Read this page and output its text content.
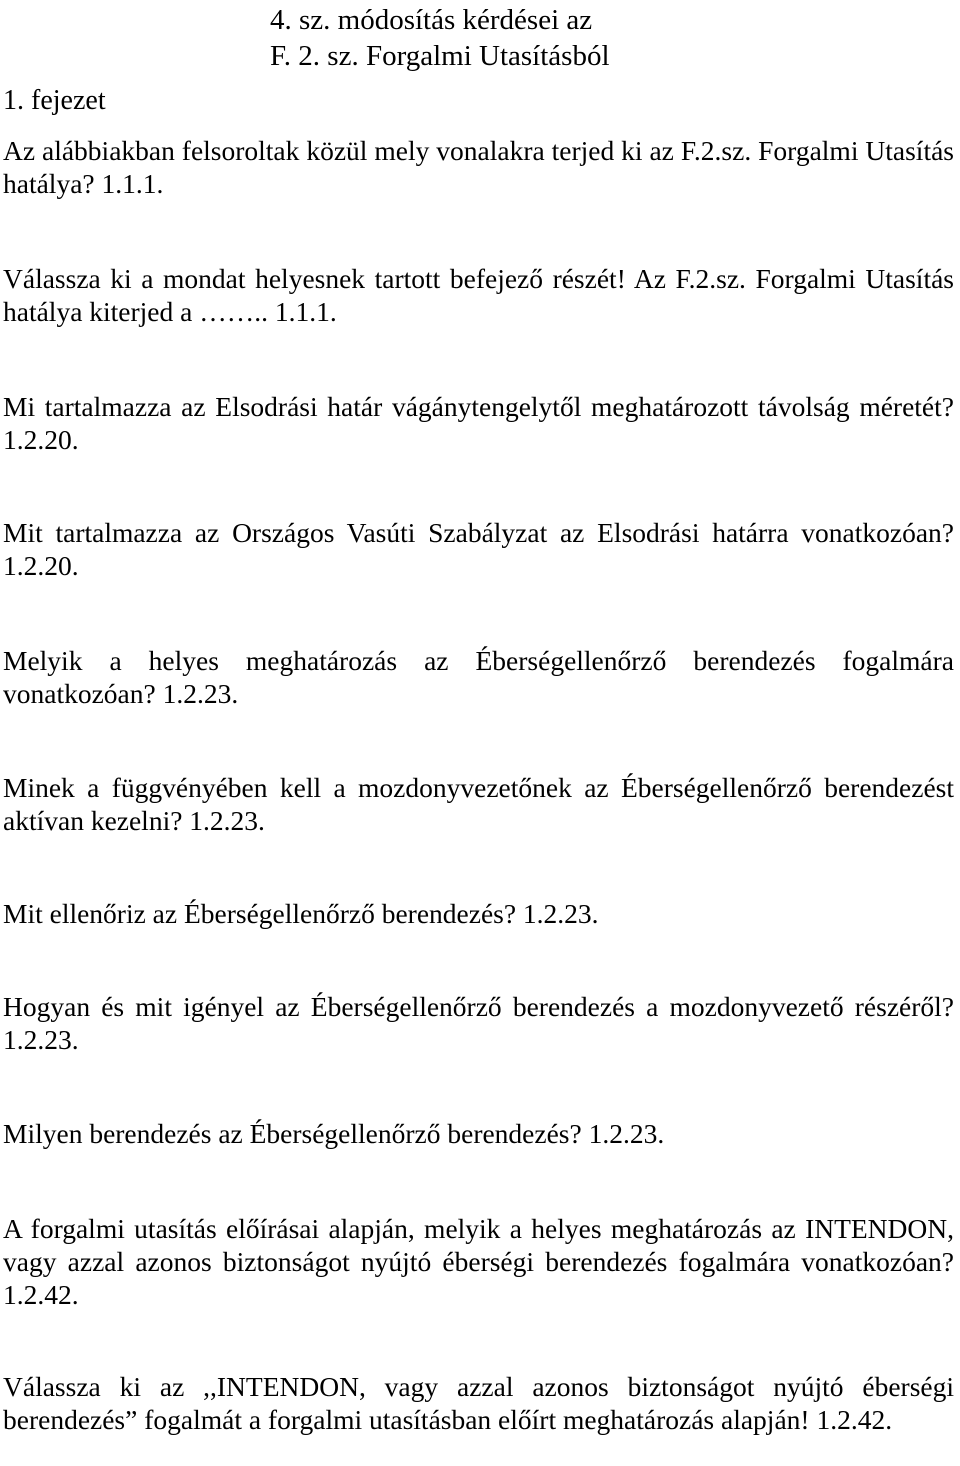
4. sz. módosítás kérdései az
F. 2. sz. Forgalmi Utasításból
1. fejezet

Az alábbiakban felsoroltak közül mely vonalakra terjed ki az F.2.sz. Forgalmi Utasítás hatálya? 1.1.1.

Válassza ki a mondat helyesnek tartott befejező részét! Az F.2.sz. Forgalmi Utasítás hatálya kiterjed a …….. 1.1.1.

Mi tartalmazza az Elsodrási határ vágánytengelytől meghatározott távolság méretét? 1.2.20.

Mit tartalmazza az Országos Vasúti Szabályzat az Elsodrási határra vonatkozóan? 1.2.20.

Melyik a helyes meghatározás az Éberségellenőrző berendezés fogalmára vonatkozóan? 1.2.23.

Minek a függvényében kell a mozdonyvezetőnek az Éberségellenőrző berendezést aktívan kezelni? 1.2.23.

Mit ellenőriz az Éberségellenőrző berendezés? 1.2.23.

Hogyan és mit igényel az Éberségellenőrző berendezés a mozdonyvezető részéről? 1.2.23.

Milyen berendezés az Éberségellenőrző berendezés? 1.2.23.

A forgalmi utasítás előírásai alapján, melyik a helyes meghatározás az INTENDON, vagy azzal azonos biztonságot nyújtó éberségi berendezés fogalmára vonatkozóan? 1.2.42.

Válassza ki az ,,INTENDON, vagy azzal azonos biztonságot nyújtó éberségi berendezés” fogalmát a forgalmi utasításban előírt meghatározás alapján! 1.2.42.
